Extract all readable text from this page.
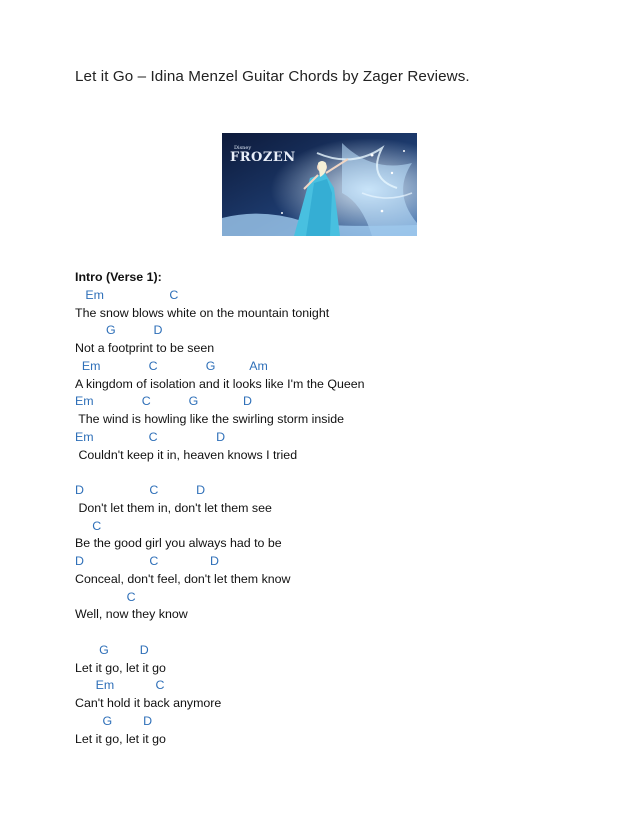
Let it Go – Idina Menzel Guitar Chords by Zager Reviews.
Disney
FROZEN
Intro (Verse 1):
Em                   C
The snow blows white on the mountain tonight
G           D
Not a footprint to be seen
Em              C              G          Am
A kingdom of isolation and it looks like I'm the Queen
Em              C           G             D
The wind is howling like the swirling storm inside
Em                C                 D
Couldn't keep it in, heaven knows I tried
D                   C           D
Don't let them in, don't let them see
C
Be the good girl you always had to be
D                   C               D
Conceal, don't feel, don't let them know
C
Well, now they know
G         D
Let it go, let it go
Em            C
Can't hold it back anymore
G         D
Let it go, let it go
